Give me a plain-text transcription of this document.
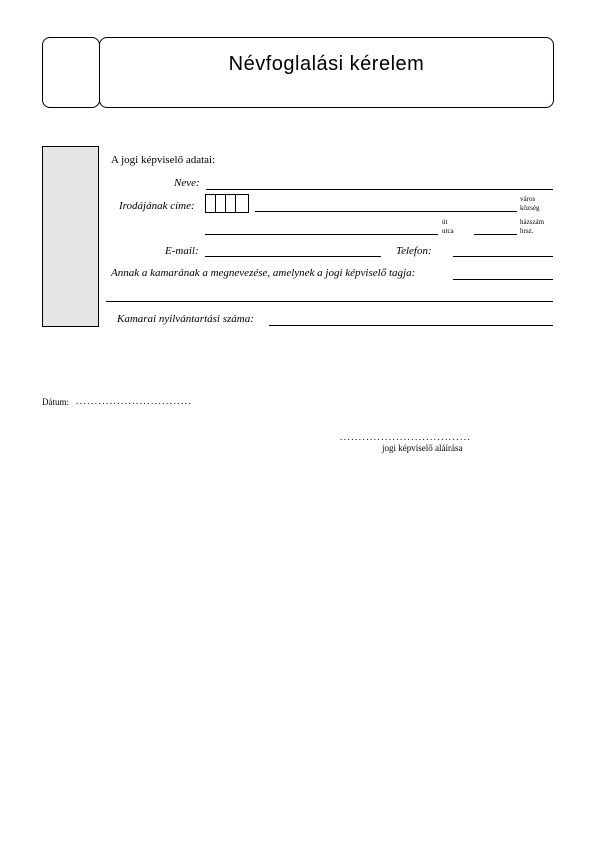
Névfoglalási kérelem
A jogi képviselő adatai:
Neve:
Irodájának címe:
város
község
út
utca
házszám
hrsz.
E-mail:	Telefon:
Annak a kamarának a megnevezése, amelynek a jogi képviselő tagja:
Kamarai nyilvántartási száma:
Dátum: ...............................
...................................
jogi képviselő aláírása
